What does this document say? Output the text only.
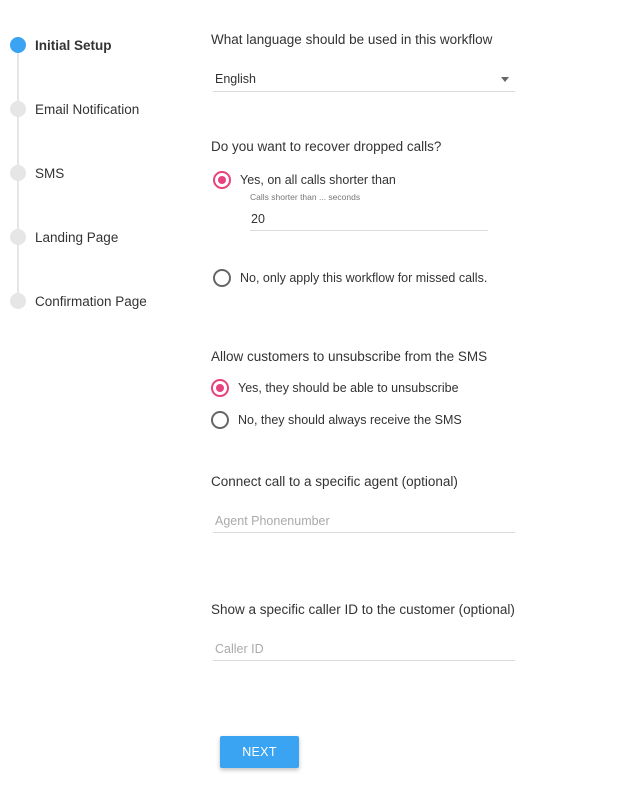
Initial Setup
Email Notification
SMS
Landing Page
Confirmation Page
What language should be used in this workflow
English
Do you want to recover dropped calls?
Yes, on all calls shorter than
Calls shorter than ... seconds
20
No, only apply this workflow for missed calls.
Allow customers to unsubscribe from the SMS
Yes, they should be able to unsubscribe
No, they should always receive the SMS
Connect call to a specific agent (optional)
Agent Phonenumber
Show a specific caller ID to the customer (optional)
Caller ID
NEXT
